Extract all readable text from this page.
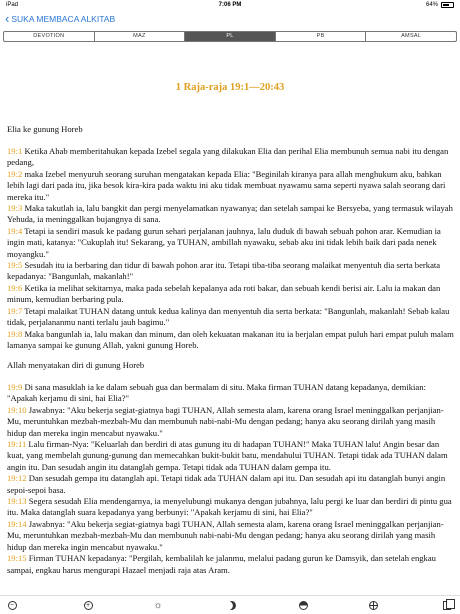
iPad	7:06 PM	64%
‹ SUKA MEMBACA ALKITAB
DEVOTION	MAZ	PL	PB	AMSAL
1 Raja-raja 19:1—20:43
Elia ke gunung Horeb
19:1 Ketika Ahab memberitahukan kepada Izebel segala yang dilakukan Elia dan perihal Elia membunuh semua nabi itu dengan pedang,
19:2 maka Izebel menyuruh seorang suruhan mengatakan kepada Elia: "Beginilah kiranya para allah menghukum aku, bahkan lebih lagi dari pada itu, jika besok kira-kira pada waktu ini aku tidak membuat nyawamu sama seperti nyawa salah seorang dari mereka itu."
19:3 Maka takutlah ia, lalu bangkit dan pergi menyelamatkan nyawanya; dan setelah sampai ke Bersyeba, yang termasuk wilayah Yehuda, ia meninggalkan bujangnya di sana.
19:4 Tetapi ia sendiri masuk ke padang gurun sehari perjalanan jauhnya, lalu duduk di bawah sebuah pohon arar. Kemudian ia ingin mati, katanya: "Cukuplah itu! Sekarang, ya TUHAN, ambillah nyawaku, sebab aku ini tidak lebih baik dari pada nenek moyangku."
19:5 Sesudah itu ia berbaring dan tidur di bawah pohon arar itu. Tetapi tiba-tiba seorang malaikat menyentuh dia serta berkata kepadanya: "Bangunlah, makanlah!"
19:6 Ketika ia melihat sekitarnya, maka pada sebelah kepalanya ada roti bakar, dan sebuah kendi berisi air. Lalu ia makan dan minum, kemudian berbaring pula.
19:7 Tetapi malaikat TUHAN datang untuk kedua kalinya dan menyentuh dia serta berkata: "Bangunlah, makanlah! Sebab kalau tidak, perjalananmu nanti terlalu jauh bagimu."
19:8 Maka bangunlah ia, lalu makan dan minum, dan oleh kekuatan makanan itu ia berjalan empat puluh hari empat puluh malam lamanya sampai ke gunung Allah, yakni gunung Horeb.
Allah menyatakan diri di gunung Horeb
19:9 Di sana masuklah ia ke dalam sebuah gua dan bermalam di situ. Maka firman TUHAN datang kepadanya, demikian: "Apakah kerjamu di sini, hai Elia?"
19:10 Jawabnya: "Aku bekerja segiat-giatnya bagi TUHAN, Allah semesta alam, karena orang Israel meninggalkan perjanjian-Mu, meruntuhkan mezbah-mezbah-Mu dan membunuh nabi-nabi-Mu dengan pedang; hanya aku seorang dirilah yang masih hidup dan mereka ingin mencabut nyawaku."
19:11 Lalu firman-Nya: "Keluarlah dan berdiri di atas gunung itu di hadapan TUHAN!" Maka TUHAN lalu! Angin besar dan kuat, yang membelah gunung-gunung dan memecahkan bukit-bukit batu, mendahului TUHAN. Tetapi tidak ada TUHAN dalam angin itu. Dan sesudah angin itu datanglah gempa. Tetapi tidak ada TUHAN dalam gempa itu.
19:12 Dan sesudah gempa itu datanglah api. Tetapi tidak ada TUHAN dalam api itu. Dan sesudah api itu datanglah bunyi angin sepoi-sepoi basa.
19:13 Segera sesudah Elia mendengarnya, ia menyelubungi mukanya dengan jubahnya, lalu pergi ke luar dan berdiri di pintu gua itu. Maka datanglah suara kepadanya yang berbunyi: "Apakah kerjamu di sini, hai Elia?"
19:14 Jawabnya: "Aku bekerja segiat-giatnya bagi TUHAN, Allah semesta alam, karena orang Israel meninggalkan perjanjian-Mu, meruntuhkan mezbah-mezbah-Mu dan membunuh nabi-nabi-Mu dengan pedang; hanya aku seorang dirilah yang masih hidup dan mereka ingin mencabut nyawaku."
19:15 Firman TUHAN kepadanya: "Pergilah, kembalilah ke jalanmu, melalui padang gurun ke Damsyik, dan setelah engkau sampai, engkau harus mengurapi Hazael menjadi raja atas Aram.
−	+	☼
